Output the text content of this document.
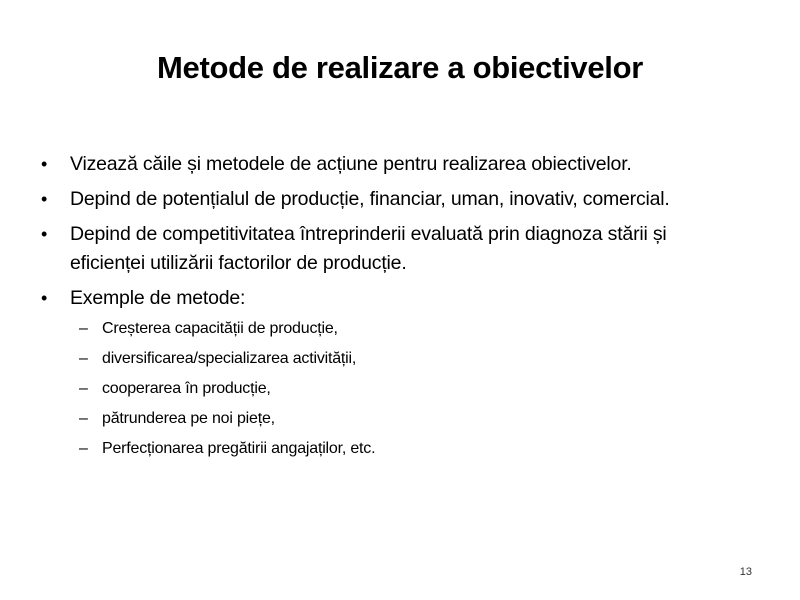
Metode de realizare a obiectivelor
• Vizează căile și metodele de acțiune pentru realizarea obiectivelor.
• Depind de potențialul de producție, financiar, uman, inovativ, comercial.
• Depind de competitivitatea întreprinderii evaluată prin diagnoza stării și eficienței utilizării factorilor de producție.
• Exemple de metode:
– Creșterea capacității de producție,
– diversificarea/specializarea activității,
– cooperarea în producție,
– pătrunderea pe noi piețe,
– Perfecționarea pregătirii angajaților, etc.
13
